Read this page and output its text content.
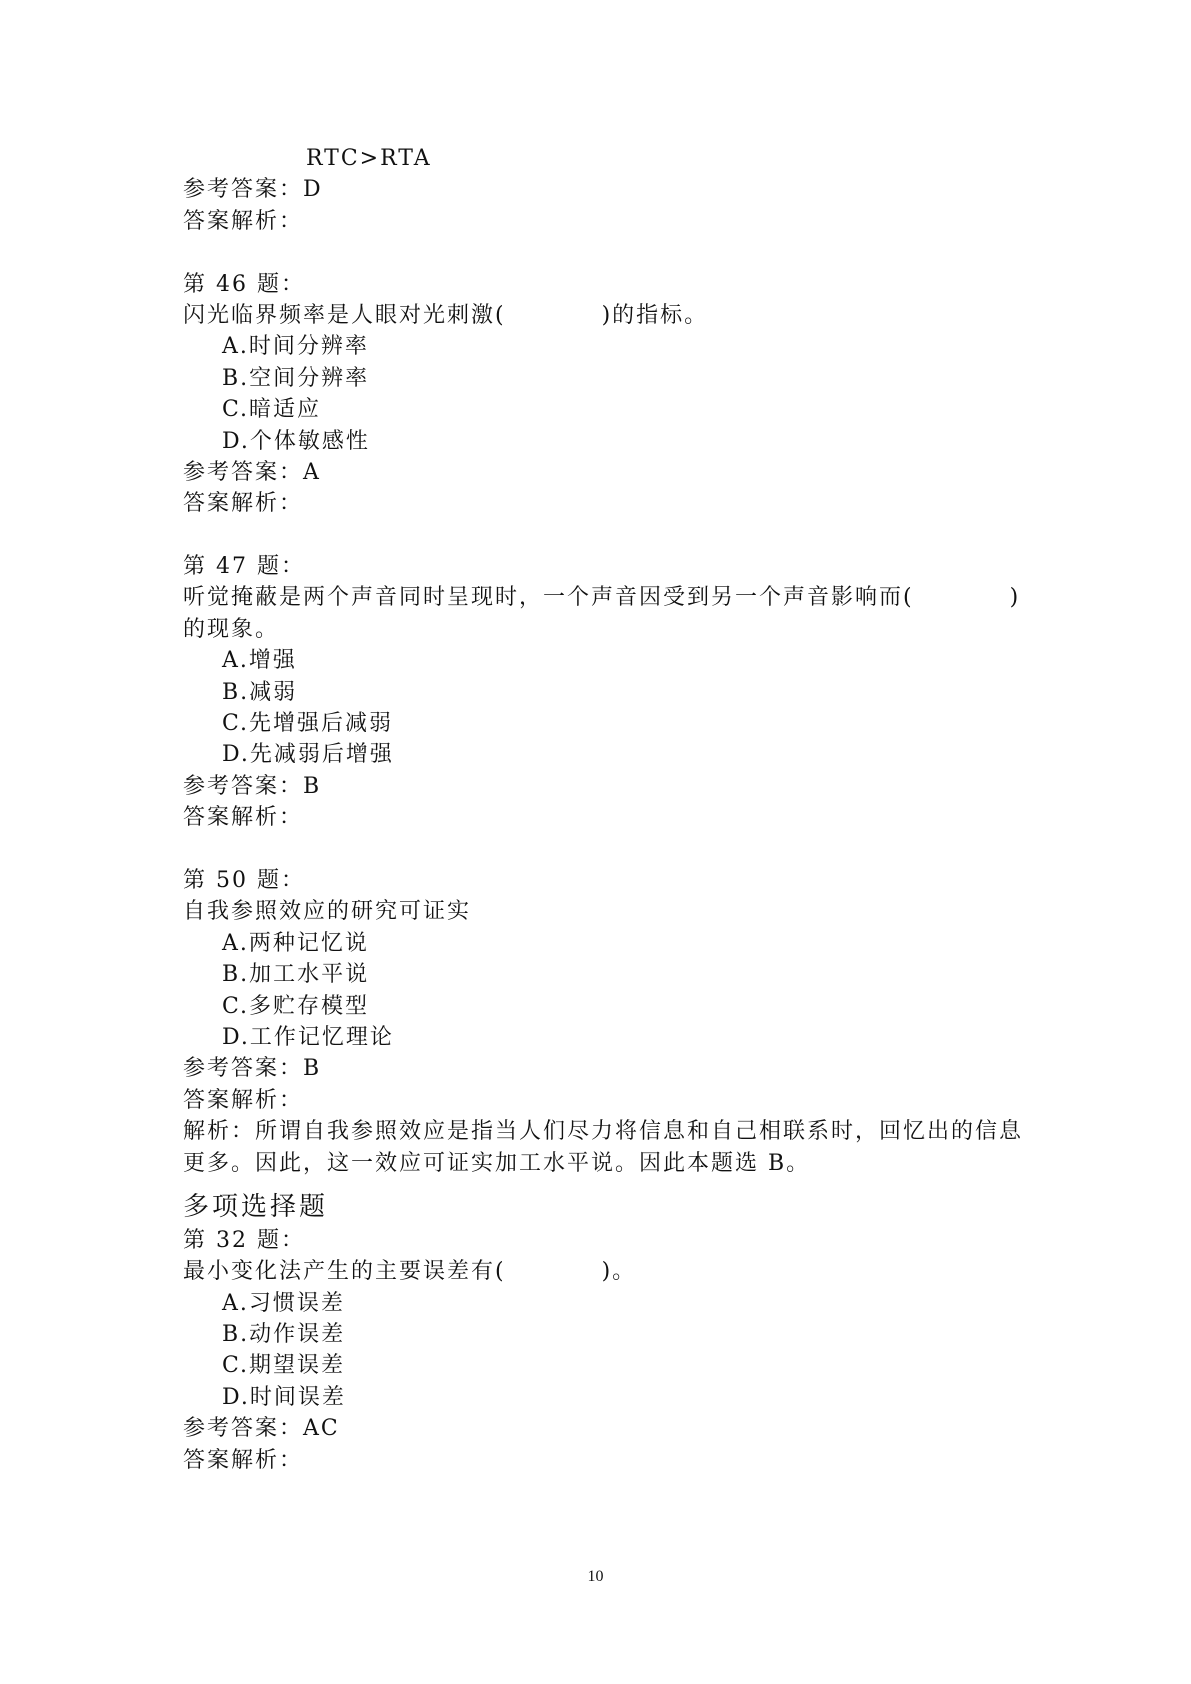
RTC>RTA
参考答案：D
答案解析：
第 46 题：
闪光临界频率是人眼对光刺激(　　　　)的指标。
A.时间分辨率
B.空间分辨率
C.暗适应
D.个体敏感性
参考答案：A
答案解析：
第 47 题：
听觉掩蔽是两个声音同时呈现时，一个声音因受到另一个声音影响而(　　　　)
的现象。
A.增强
B.减弱
C.先增强后减弱
D.先减弱后增强
参考答案：B
答案解析：
第 50 题：
自我参照效应的研究可证实
A.两种记忆说
B.加工水平说
C.多贮存模型
D.工作记忆理论
参考答案：B
答案解析：
解析：所谓自我参照效应是指当人们尽力将信息和自己相联系时，回忆出的信息
更多。因此，这一效应可证实加工水平说。因此本题选 B。
多项选择题
第 32 题：
最小变化法产生的主要误差有(　　　　)。
A.习惯误差
B.动作误差
C.期望误差
D.时间误差
参考答案：AC
答案解析：
10
